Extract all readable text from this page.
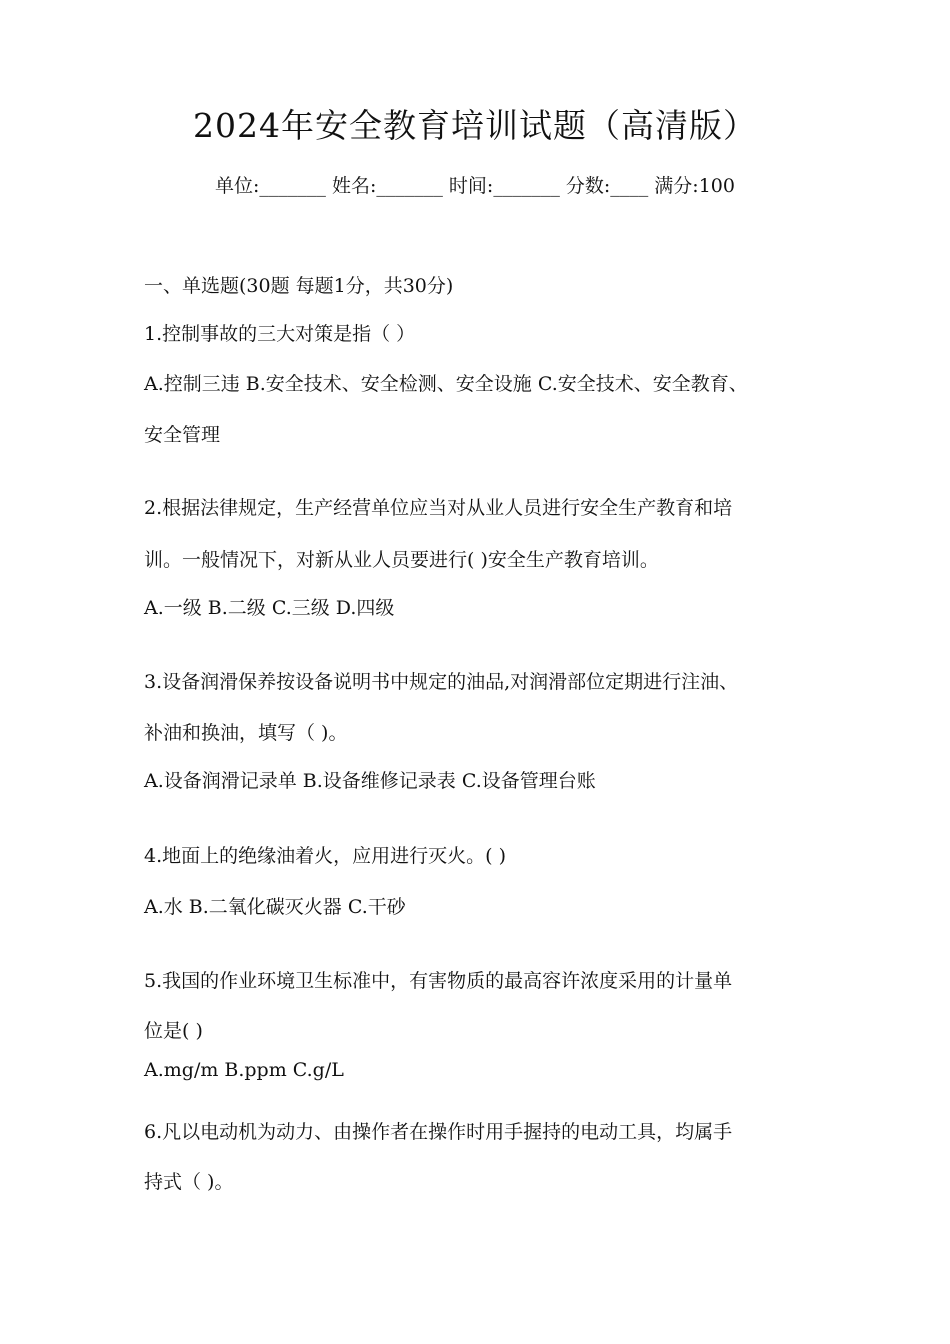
2024年安全教育培训试题（高清版）
单位:_______ 姓名:_______ 时间:_______ 分数:____ 满分:100
一、单选题(30题 每题1分，共30分)
1.控制事故的三大对策是指（ ）
A.控制三违 B.安全技术、安全检测、安全设施 C.安全技术、安全教育、
安全管理
2.根据法律规定，生产经营单位应当对从业人员进行安全生产教育和培
训。一般情况下，对新从业人员要进行( )安全生产教育培训。
A.一级 B.二级 C.三级 D.四级
3.设备润滑保养按设备说明书中规定的油品,对润滑部位定期进行注油、
补油和换油，填写（ )。
A.设备润滑记录单 B.设备维修记录表 C.设备管理台账
4.地面上的绝缘油着火，应用进行灭火。( )
A.水 B.二氧化碳灭火器 C.干砂
5.我国的作业环境卫生标准中，有害物质的最高容许浓度采用的计量单
位是( )
A.mg/m B.ppm C.g/L
6.凡以电动机为动力、由操作者在操作时用手握持的电动工具，均属手
持式（ )。
